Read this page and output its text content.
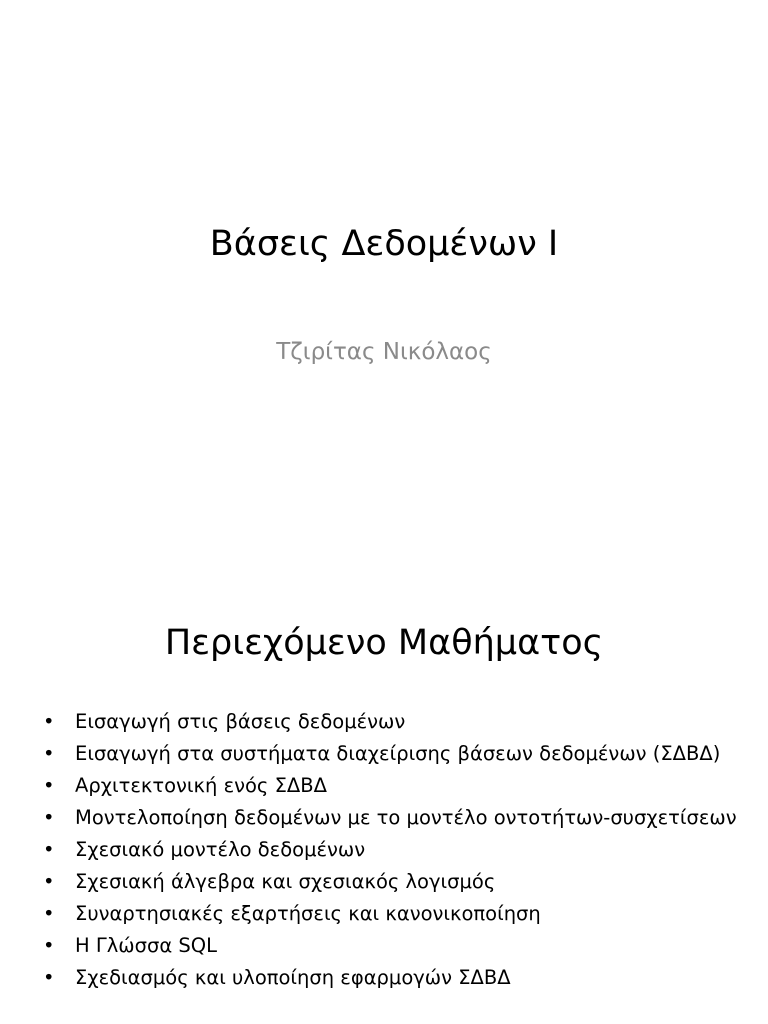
Βάσεις Δεδομένων Ι
Τζιρίτας Νικόλαος
Περιεχόμενο Μαθήματος
• Εισαγωγή στις βάσεις δεδομένων
• Εισαγωγή στα συστήματα διαχείρισης βάσεων δεδομένων (ΣΔΒΔ)
• Αρχιτεκτονική ενός ΣΔΒΔ
• Μοντελοποίηση δεδομένων με το μοντέλο οντοτήτων-συσχετίσεων
• Σχεσιακό μοντέλο δεδομένων
• Σχεσιακή άλγεβρα και σχεσιακός λογισμός
• Συναρτησιακές εξαρτήσεις και κανονικοποίηση
• Η Γλώσσα SQL
• Σχεδιασμός και υλοποίηση εφαρμογών ΣΔΒΔ
